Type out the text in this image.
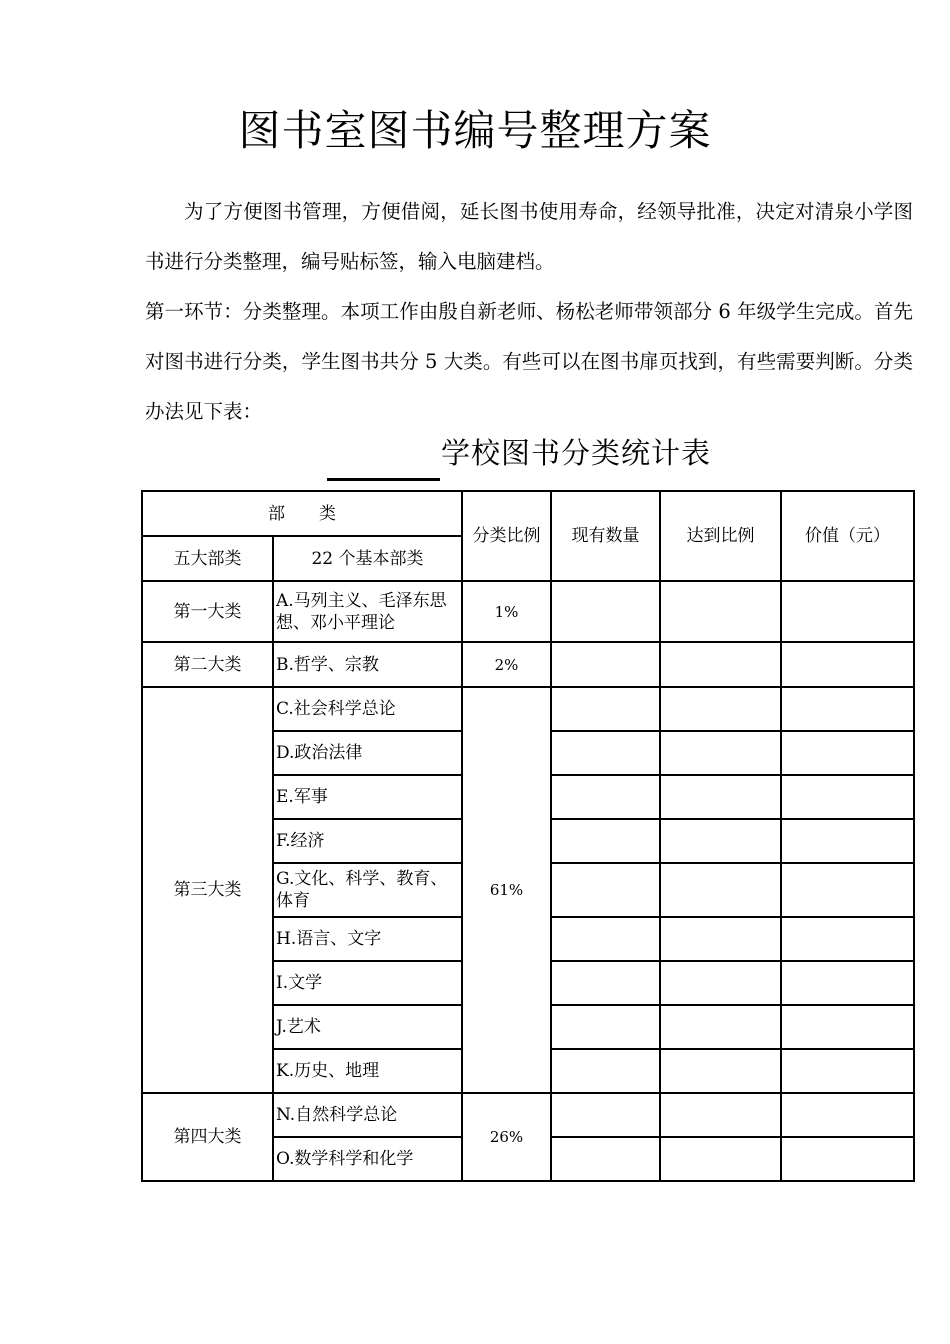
图书室图书编号整理方案

为了方便图书管理，方便借阅，延长图书使用寿命，经领导批准，决定对清泉小学图书进行分类整理，编号贴标签，输入电脑建档。

第一环节：分类整理。本项工作由殷自新老师、杨松老师带领部分 6 年级学生完成。首先对图书进行分类，学生图书共分 5 大类。有些可以在图书扉页找到，有些需要判断。分类办法见下表：

学校图书分类统计表
部　　类		分类比例	现有数量	达到比例	价值（元）
五大部类	22 个基本部类				
第一大类	A.马列主义、毛泽东思想、邓小平理论	1%			
第二大类	B.哲学、宗教	2%			
第三大类	C.社会科学总论	61%			
	D.政治法律				
	E.军事				
	F.经济				
	G.文化、科学、教育、体育				
	H.语言、文字				
	I.文学				
	J.艺术				
	K.历史、地理				
第四大类	N.自然科学总论	26%			
	O.数学科学和化学				
